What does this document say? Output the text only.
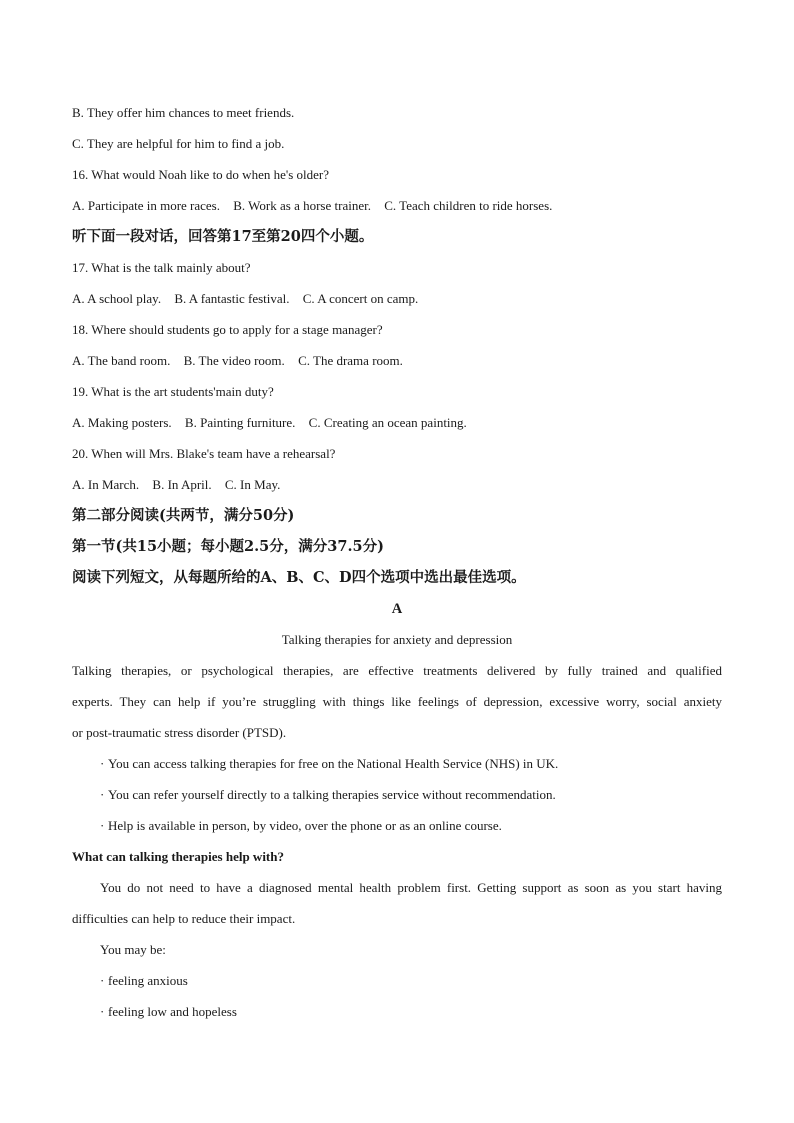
B. They offer him chances to meet friends.

C. They are helpful for him to find a job.

16. What would Noah like to do when he's older?

A. Participate in more races. B. Work as a horse trainer. C. Teach children to ride horses.

听下面一段对话，回答第17至第20四个小题。

17. What is the talk mainly about?

A. A school play. B. A fantastic festival. C. A concert on camp.

18. Where should students go to apply for a stage manager?

A. The band room. B. The video room. C. The drama room.

19. What is the art students'main duty?

A. Making posters. B. Painting furniture. C. Creating an ocean painting.

20. When will Mrs. Blake's team have a rehearsal?

A. In March. B. In April. C. In May.

第二部分阅读(共两节，满分50分)

第一节(共15小题；每小题2.5分，满分37.5分)

阅读下列短文，从每题所给的A、B、C、D四个选项中选出最佳选项。

A

Talking therapies for anxiety and depression

Talking therapies, or psychological therapies, are effective treatments delivered by fully trained and qualified

experts. They can help if you’re struggling with things like feelings of depression, excessive worry, social anxiety

or post-traumatic stress disorder (PTSD).

· You can access talking therapies for free on the National Health Service (NHS) in UK.

· You can refer yourself directly to a talking therapies service without recommendation.

· Help is available in person, by video, over the phone or as an online course.

What can talking therapies help with?

You do not need to have a diagnosed mental health problem first. Getting support as soon as you start having

difficulties can help to reduce their impact.

You may be:

· feeling anxious

· feeling low and hopeless
